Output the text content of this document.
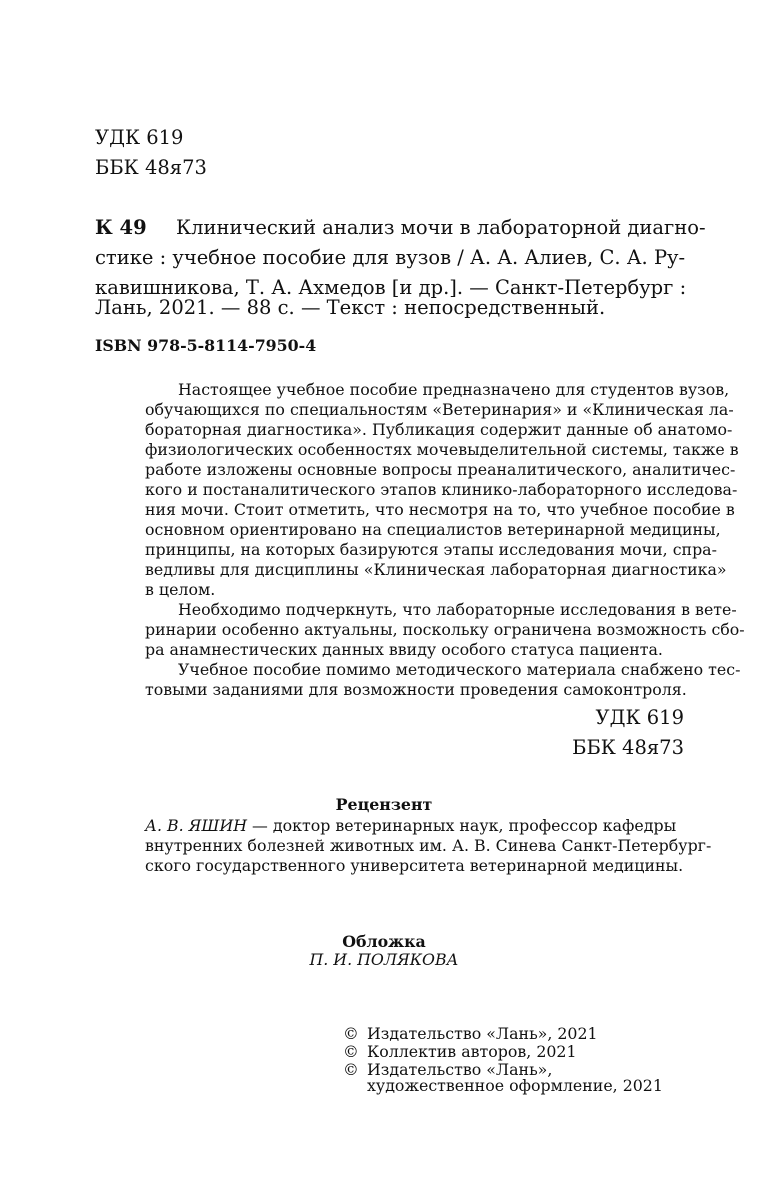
УДК 619
ББК 48я73
К 49 Клинический анализ мочи в лабораторной диагно-
стике : учебное пособие для вузов / А. А. Алиев, С. А. Ру-
кавишникова, Т. А. Ахмедов [и др.]. — Санкт-Петербург :
Лань, 2021. — 88 с. — Текст : непосредственный.
ISBN 978-5-8114-7950-4
Настоящее учебное пособие предназначено для студентов вузов,
обучающихся по специальностям «Ветеринария» и «Клиническая ла-
бораторная диагностика». Публикация содержит данные об анатомо-
физиологических особенностях мочевыделительной системы, также в
работе изложены основные вопросы преаналитического, аналитичес-
кого и постаналитического этапов клинико-лабораторного исследова-
ния мочи. Стоит отметить, что несмотря на то, что учебное пособие в
основном ориентировано на специалистов ветеринарной медицины,
принципы, на которых базируются этапы исследования мочи, спра-
ведливы для дисциплины «Клиническая лабораторная диагностика»
в целом.
Необходимо подчеркнуть, что лабораторные исследования в вете-
ринарии особенно актуальны, поскольку ограничена возможность сбо-
ра анамнестических данных ввиду особого статуса пациента.
Учебное пособие помимо методического материала снабжено тес-
товыми заданиями для возможности проведения самоконтроля.
УДК 619
ББК 48я73
Рецензент
А. В. ЯШИН — доктор ветеринарных наук, профессор кафедры
внутренних болезней животных им. А. В. Синева Санкт-Петербург-
ского государственного университета ветеринарной медицины.
Обложка
П. И. ПОЛЯКОВА
© Издательство «Лань», 2021
© Коллектив авторов, 2021
© Издательство «Лань»,
художественное оформление, 2021
